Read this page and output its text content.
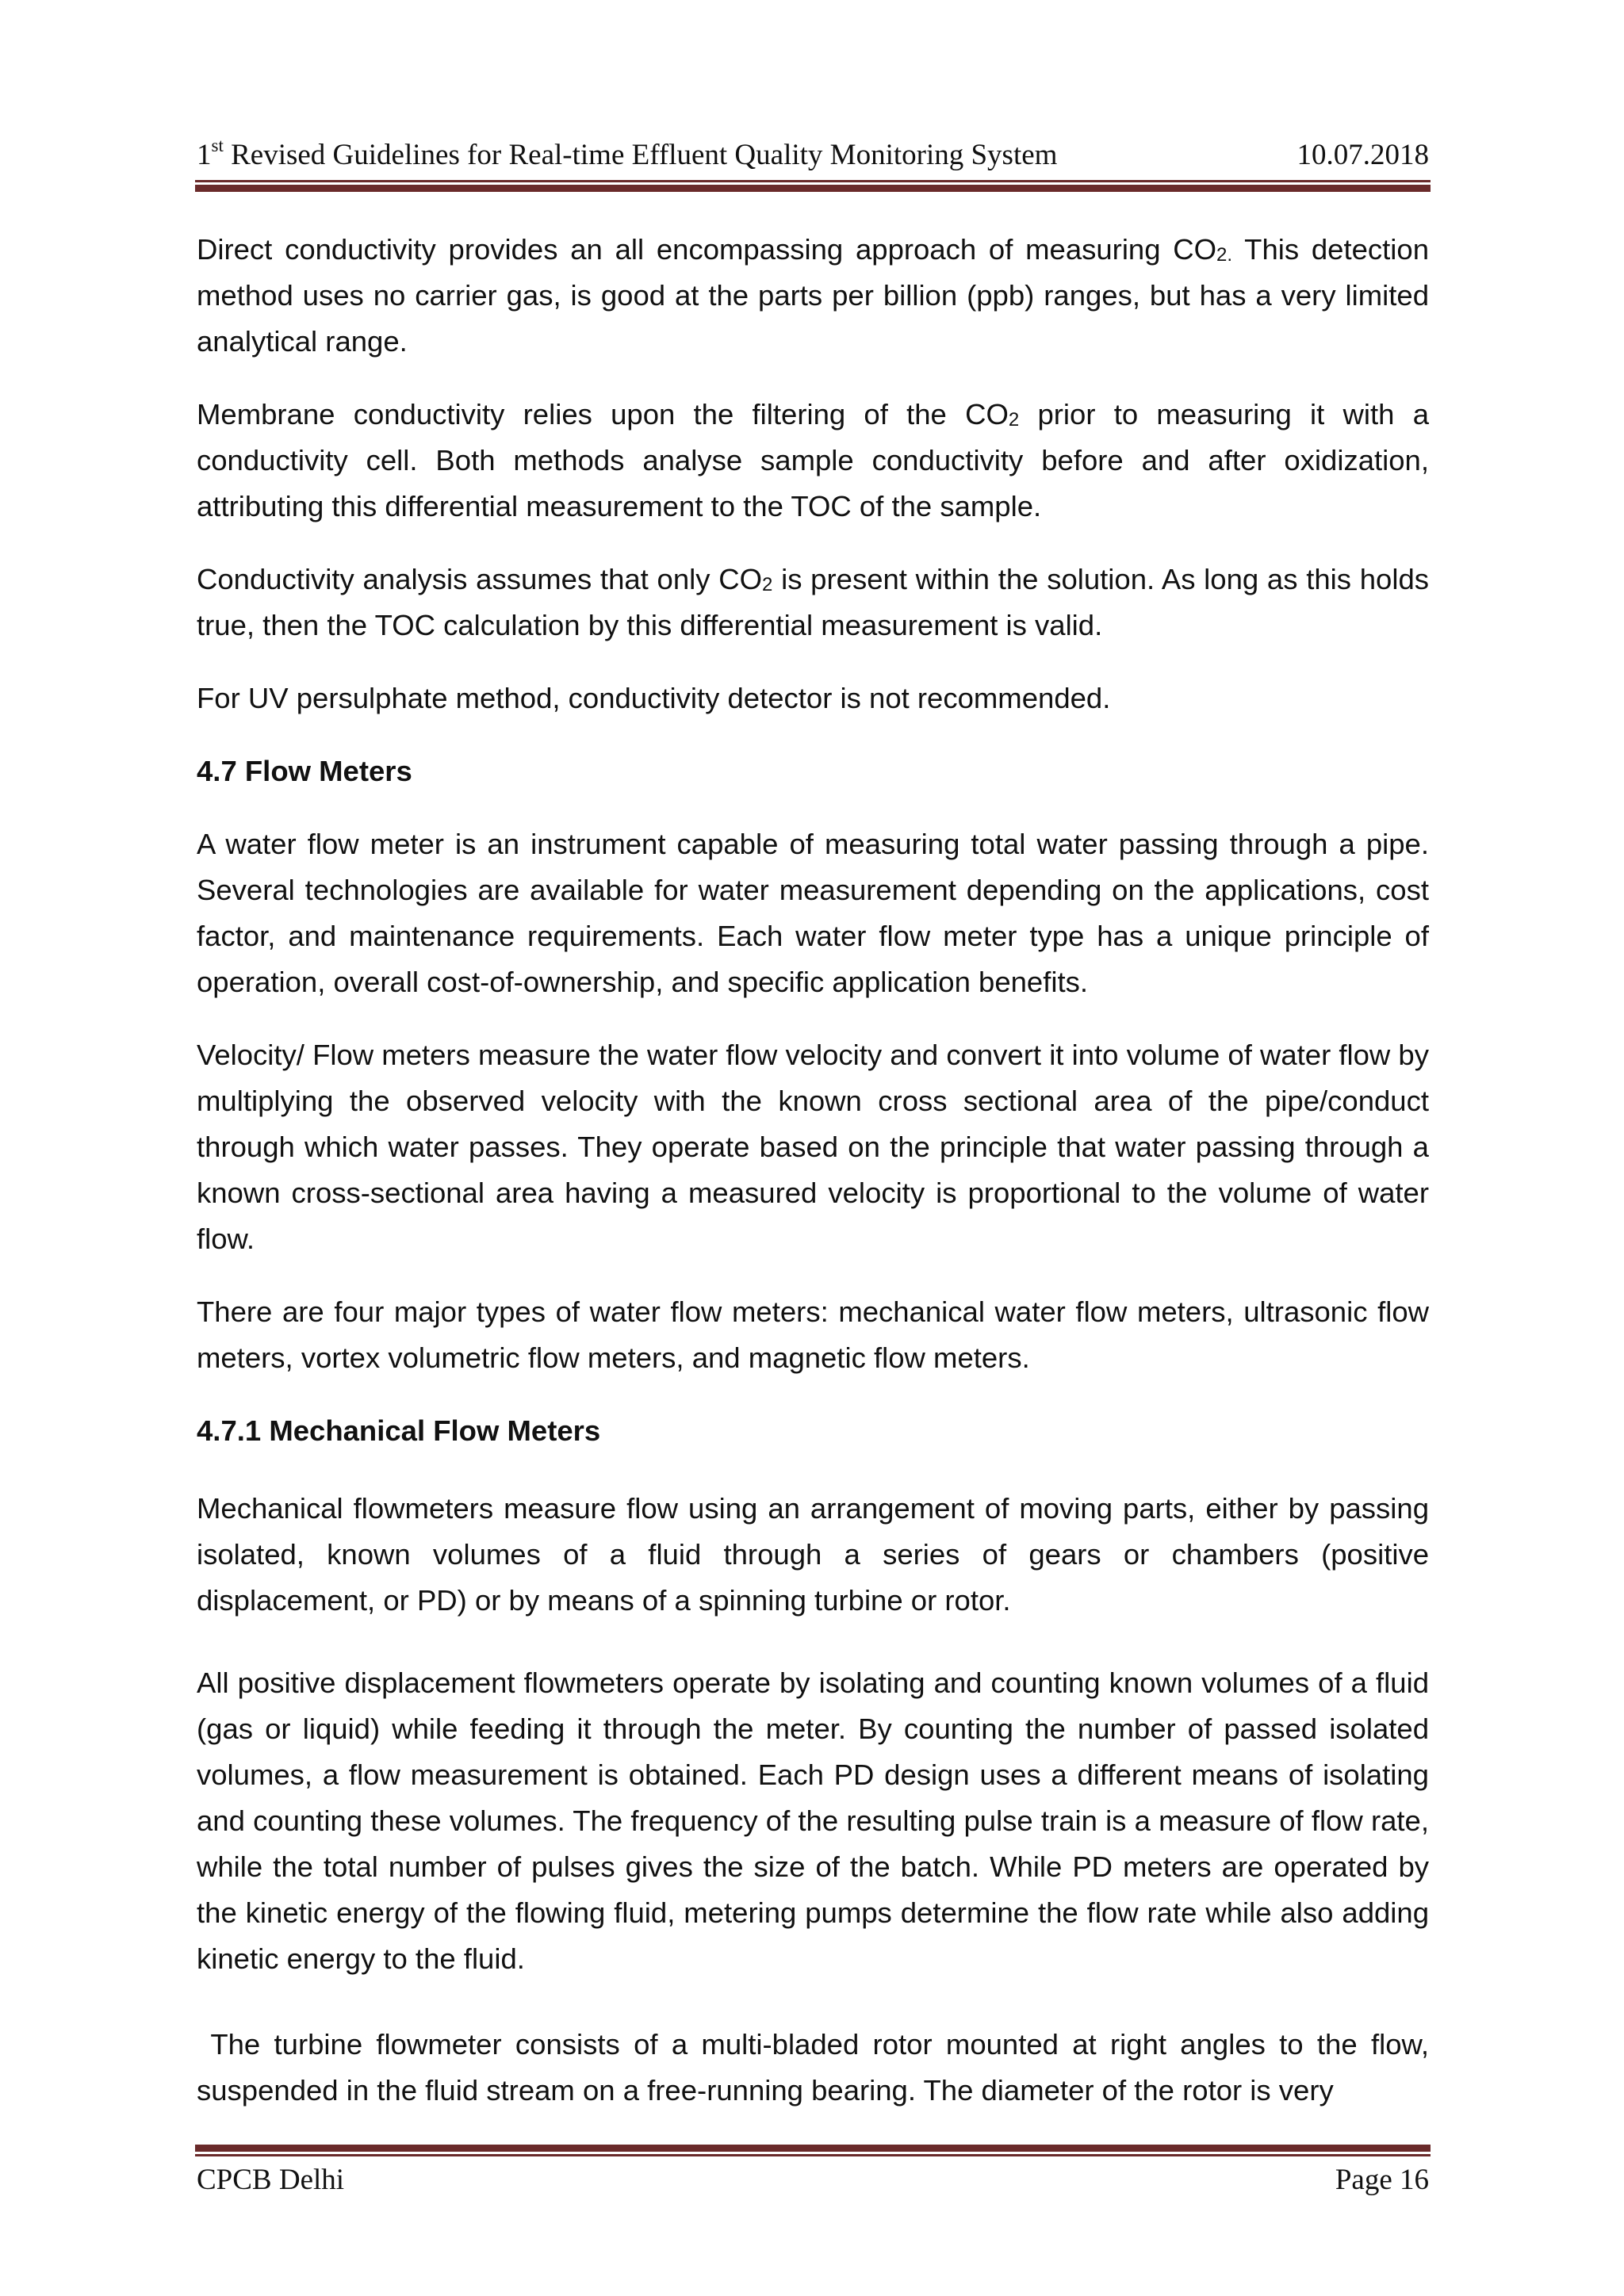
1st Revised Guidelines for Real-time Effluent Quality Monitoring System	10.07.2018

Direct conductivity provides an all encompassing approach of measuring $CO_{2.}$ This detection method uses no carrier gas, is good at the parts per billion (ppb) ranges, but has a very limited analytical range.

Membrane conductivity relies upon the filtering of the $CO_2$ prior to measuring it with a conductivity cell. Both methods analyse sample conductivity before and after oxidization, attributing this differential measurement to the TOC of the sample.

Conductivity analysis assumes that only $CO_2$ is present within the solution. As long as this holds true, then the TOC calculation by this differential measurement is valid.

For UV persulphate method, conductivity detector is not recommended.

4.7 Flow Meters

A water flow meter is an instrument capable of measuring total water passing through a pipe. Several technologies are available for water measurement depending on the applications, cost factor, and maintenance requirements. Each water flow meter type has a unique principle of operation, overall cost-of-ownership, and specific application benefits.

Velocity/ Flow meters measure the water flow velocity and convert it into volume of water flow by multiplying the observed velocity with the known cross sectional area of the pipe/conduct through which water passes. They operate based on the principle that water passing through a known cross-sectional area having a measured velocity is proportional to the volume of water flow.

There are four major types of water flow meters: mechanical water flow meters, ultrasonic flow meters, vortex volumetric flow meters, and magnetic flow meters.

4.7.1 Mechanical Flow Meters

Mechanical flowmeters measure flow using an arrangement of moving parts, either by passing isolated, known volumes of a fluid through a series of gears or chambers (positive displacement, or PD) or by means of a spinning turbine or rotor.

All positive displacement flowmeters operate by isolating and counting known volumes of a fluid (gas or liquid) while feeding it through the meter. By counting the number of passed isolated volumes, a flow measurement is obtained. Each PD design uses a different means of isolating and counting these volumes. The frequency of the resulting pulse train is a measure of flow rate, while the total number of pulses gives the size of the batch. While PD meters are operated by the kinetic energy of the flowing fluid, metering pumps determine the flow rate while also adding kinetic energy to the fluid.

The turbine flowmeter consists of a multi-bladed rotor mounted at right angles to the flow, suspended in the fluid stream on a free-running bearing. The diameter of the rotor is very

CPCB Delhi	Page 16
